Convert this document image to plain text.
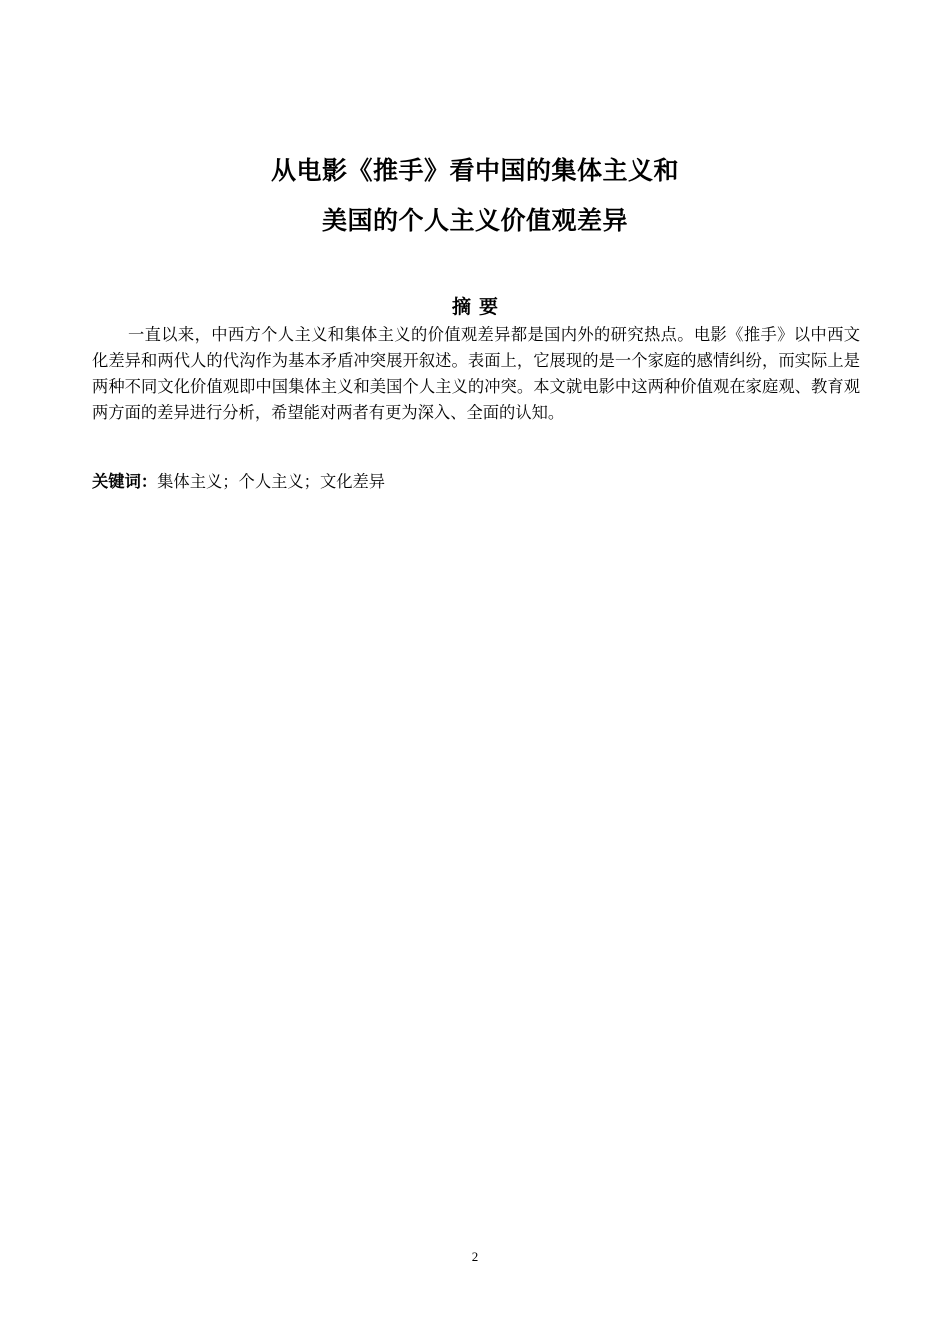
从电影《推手》看中国的集体主义和
美国的个人主义价值观差异
摘要

一直以来，中西方个人主义和集体主义的价值观差异都是国内外的研究热点。电影《推手》以中西文化差异和两代人的代沟作为基本矛盾冲突展开叙述。表面上，它展现的是一个家庭的感情纠纷，而实际上是两种不同文化价值观即中国集体主义和美国个人主义的冲突。本文就电影中这两种价值观在家庭观、教育观两方面的差异进行分析，希望能对两者有更为深入、全面的认知。

关键词：集体主义；个人主义；文化差异

2
